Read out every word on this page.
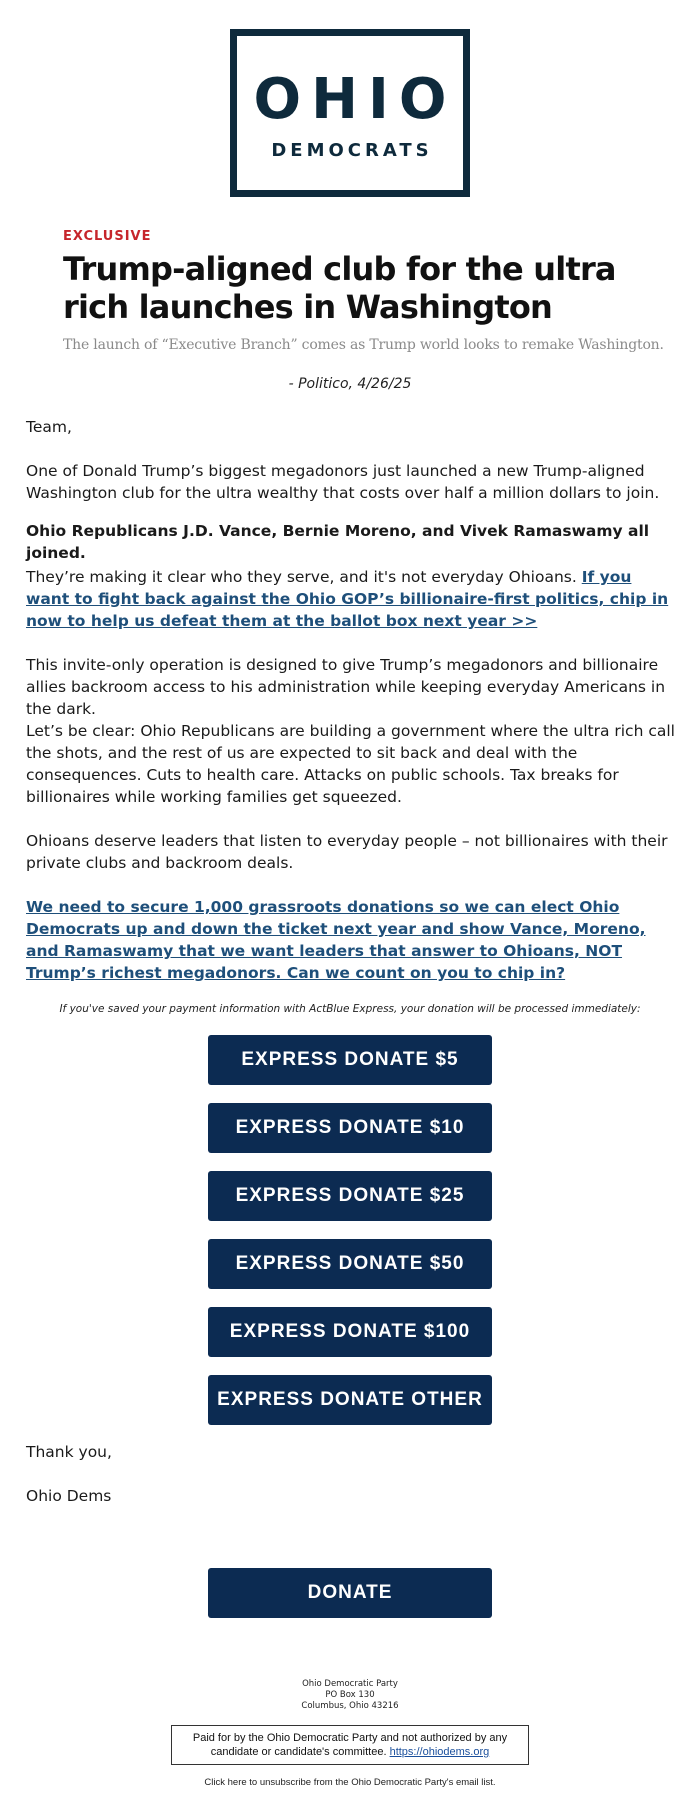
OHIO
DEMOCRATS
EXCLUSIVE
Trump-aligned club for the ultra rich launches in Washington
The launch of “Executive Branch” comes as Trump world looks to remake Washington.
- Politico, 4/26/25
Team,
One of Donald Trump’s biggest megadonors just launched a new Trump-aligned Washington club for the ultra wealthy that costs over half a million dollars to join.
Ohio Republicans J.D. Vance, Bernie Moreno, and Vivek Ramaswamy all joined.
They’re making it clear who they serve, and it's not everyday Ohioans. If you want to fight back against the Ohio GOP’s billionaire-first politics, chip in now to help us defeat them at the ballot box next year >>
This invite-only operation is designed to give Trump’s megadonors and billionaire allies backroom access to his administration while keeping everyday Americans in the dark.
Let’s be clear: Ohio Republicans are building a government where the ultra rich call the shots, and the rest of us are expected to sit back and deal with the consequences. Cuts to health care. Attacks on public schools. Tax breaks for billionaires while working families get squeezed.
Ohioans deserve leaders that listen to everyday people – not billionaires with their private clubs and backroom deals.
We need to secure 1,000 grassroots donations so we can elect Ohio Democrats up and down the ticket next year and show Vance, Moreno, and Ramaswamy that we want leaders that answer to Ohioans, NOT Trump’s richest megadonors. Can we count on you to chip in?
If you've saved your payment information with ActBlue Express, your donation will be processed immediately:
EXPRESS DONATE $5
EXPRESS DONATE $10
EXPRESS DONATE $25
EXPRESS DONATE $50
EXPRESS DONATE $100
EXPRESS DONATE OTHER
Thank you,
Ohio Dems
DONATE
Ohio Democratic Party
PO Box 130
Columbus, Ohio 43216
Paid for by the Ohio Democratic Party and not authorized by any candidate or candidate's committee. https://ohiodems.org
Click here to unsubscribe from the Ohio Democratic Party's email list.
